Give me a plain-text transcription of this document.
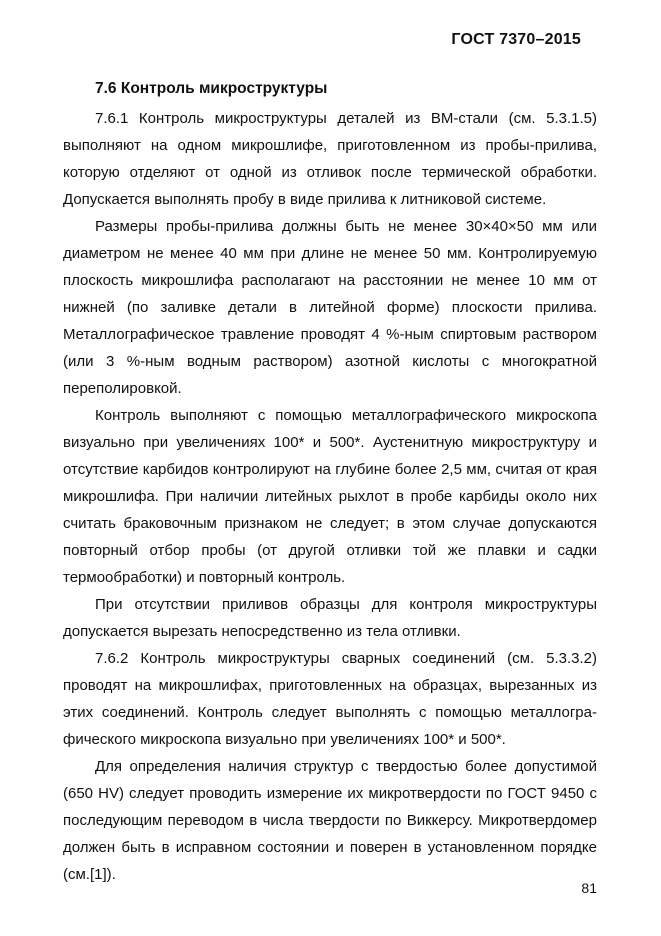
ГОСТ 7370–2015
7.6 Контроль микроструктуры

7.6.1 Контроль микроструктуры деталей из ВМ-стали (см. 5.3.1.5) выполняют на одном микрошлифе, приготовленном из пробы-прилива, которую отделяют от одной из отливок после термической обработки. Допускается выполнять пробу в виде прилива к литниковой системе.

Размеры пробы-прилива должны быть не менее 30×40×50 мм или диаметром не менее 40 мм при длине не менее 50 мм. Контролируемую плоскость микрошлифа располагают на расстоянии не менее 10 мм от нижней (по заливке детали в литейной форме) плоскости прилива. Металлографическое травление проводят 4 %-ным спиртовым раствором (или 3 %-ным водным раствором) азотной кислоты с многократной переполировкой.

Контроль выполняют с помощью металлографического микроскопа визуально при увеличениях 100* и 500*. Аустенитную микроструктуру и отсутствие карбидов контролируют на глубине более 2,5 мм, считая от края микрошлифа. При наличии литейных рыхлот в пробе карбиды около них считать браковочным признаком не следует; в этом случае допускаются повторный отбор пробы (от другой отливки той же плавки и садки термообработки) и повторный контроль.

При отсутствии приливов образцы для контроля микроструктуры допускается вырезать непосредственно из тела отливки.

7.6.2 Контроль микроструктуры сварных соединений (см. 5.3.3.2) проводят на микрошлифах, приготовленных на образцах, вырезанных из этих соединений. Контроль следует выполнять с помощью металлографического микроскопа визуально при увеличениях 100* и 500*.

Для определения наличия структур с твердостью более допустимой (650 HV) следует проводить измерение их микротвердости по ГОСТ 9450 с последующим переводом в числа твердости по Виккерсу. Микротвердомер должен быть в исправном состоянии и поверен в установленном порядке (см.[1]).

81
